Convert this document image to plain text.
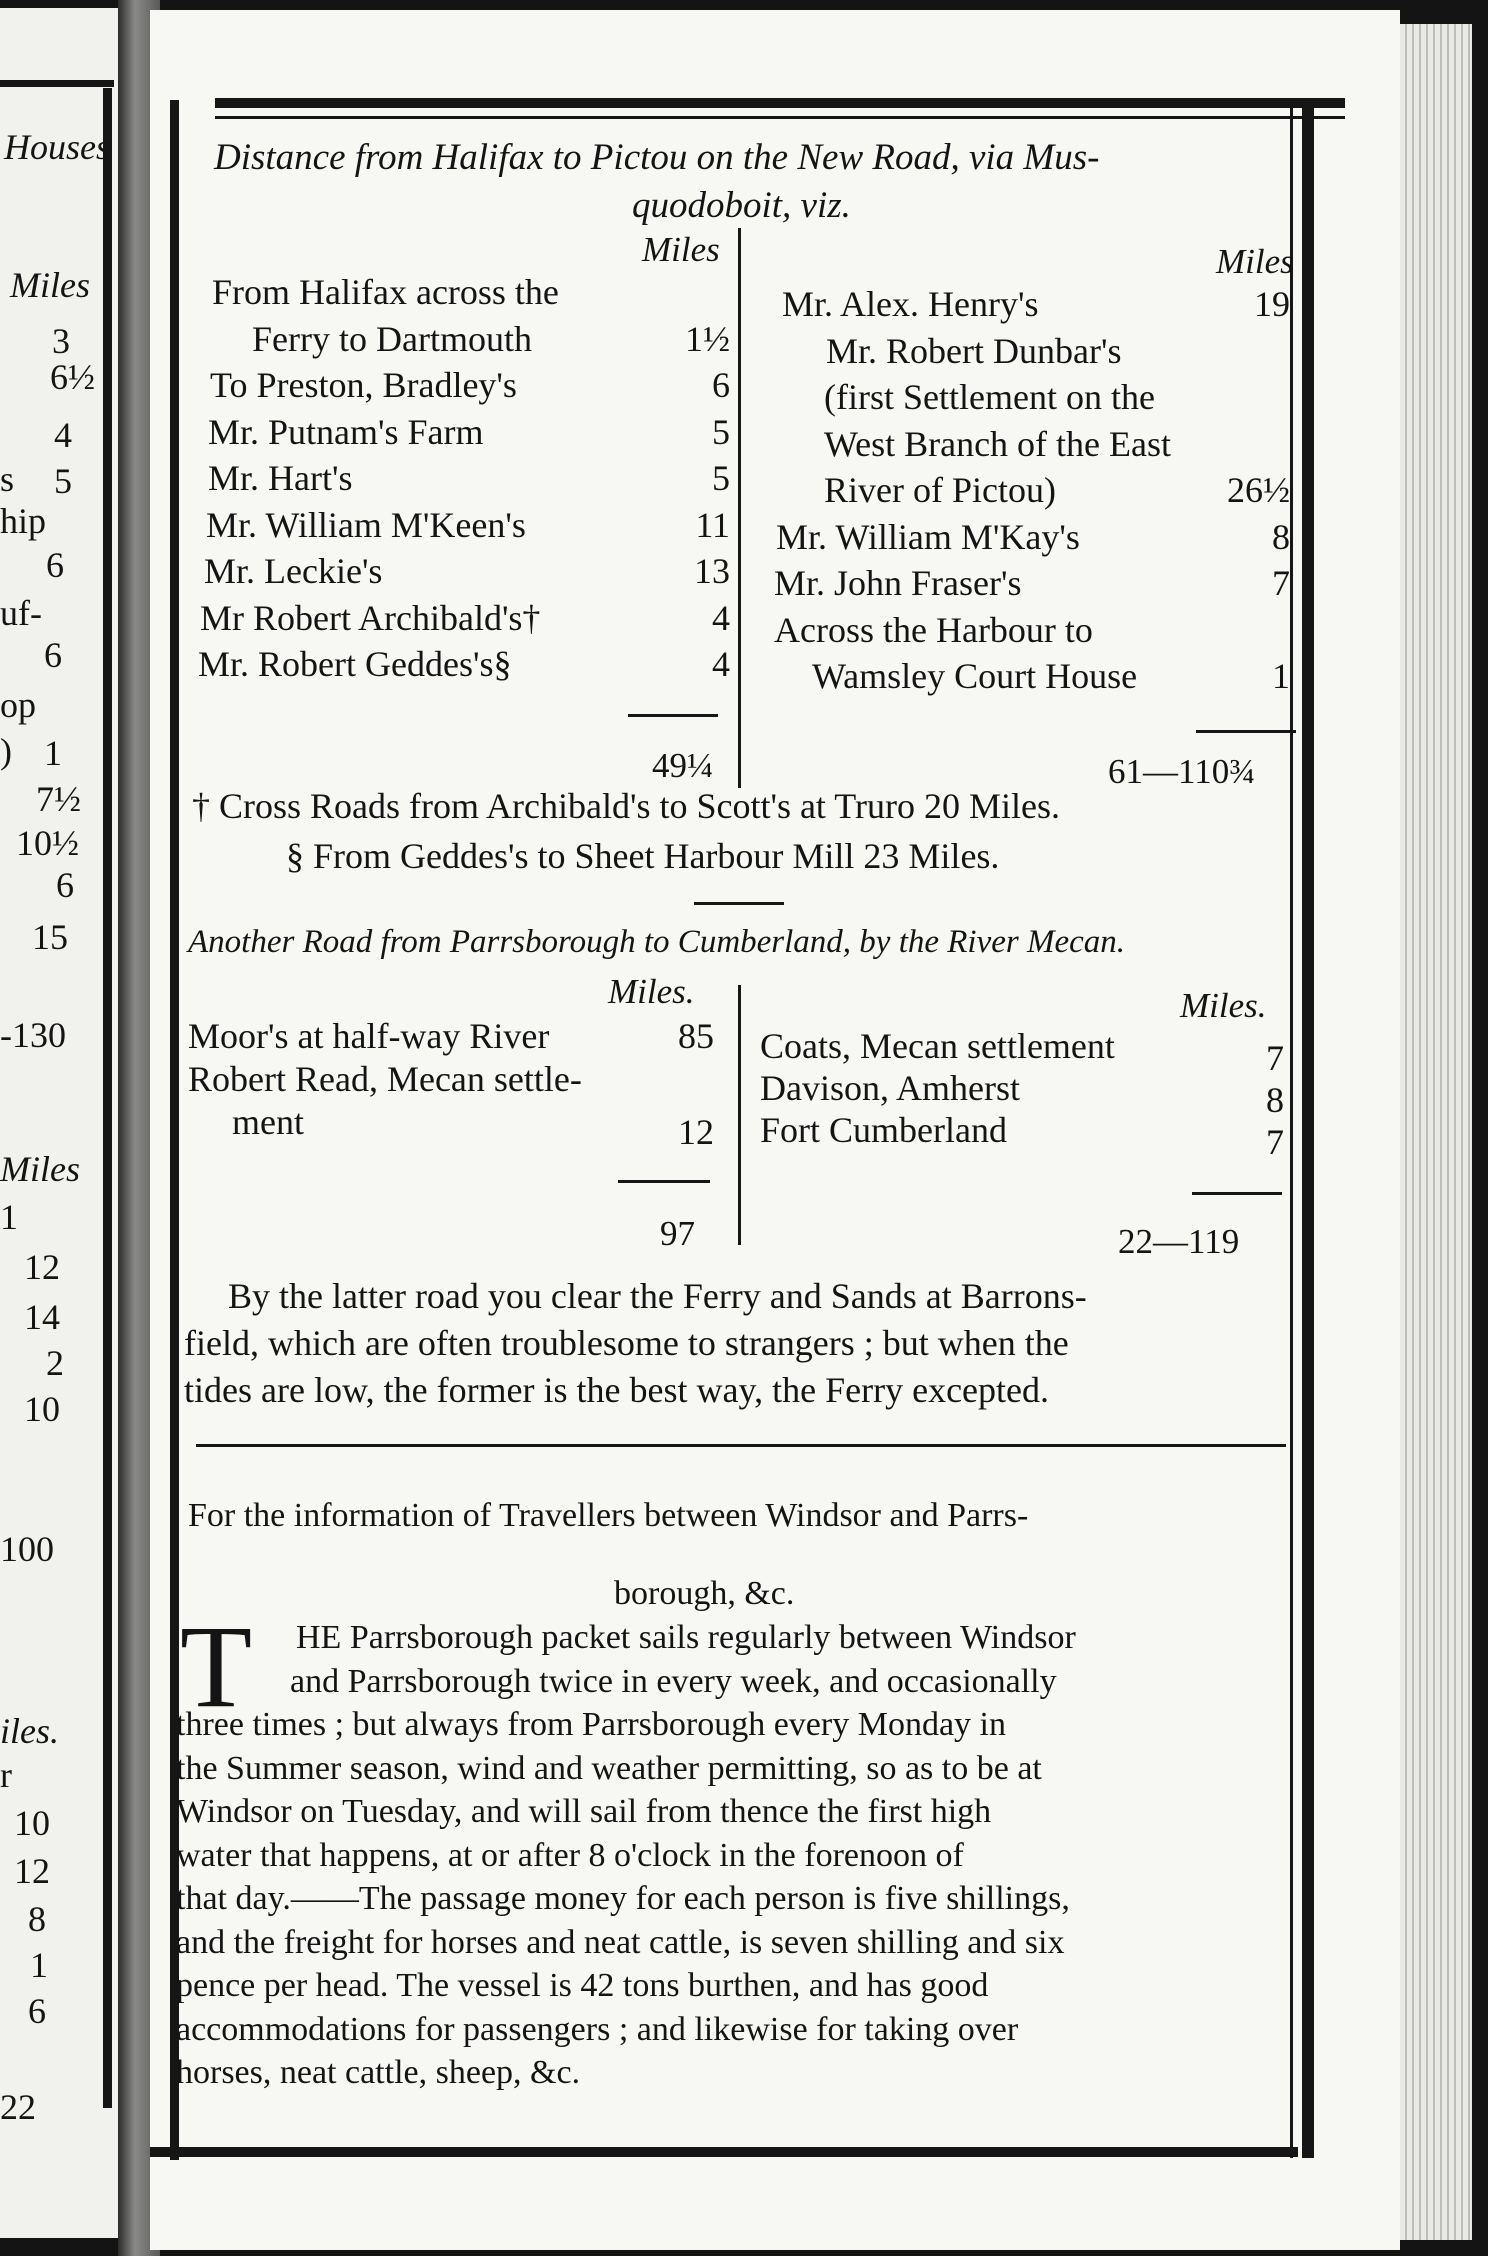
Houses
Miles
3
6½
4
s 5
hip
6
uf-
6
op
) 1
7½
10½
6
15
-130
Miles
1
12
14
2
10
100
iles.
r
10
12
8
1
6
22
Distance from Halifax to Pictou on the New Road, via Mus-
quodoboit, viz.
Miles	Miles
From Halifax across the
Ferry to Dartmouth	1½
To Preston, Bradley's	6
Mr. Putnam's Farm	5
Mr. Hart's	5
Mr. William M'Keen's	11
Mr. Leckie's	13
Mr Robert Archibald's†	4
Mr. Robert Geddes's§	4
Mr. Alex. Henry's	19
Mr. Robert Dunbar's
(first Settlement on the
West Branch of the East
River of Pictou)	26½
Mr. William M'Kay's	8
Mr. John Fraser's	7
Across the Harbour to
Wamsley Court House	1
49¼	61—110¾
† Cross Roads from Archibald's to Scott's at Truro 20 Miles.
§ From Geddes's to Sheet Harbour Mill 23 Miles.
Another Road from Parrsborough to Cumberland, by the River Mecan.
Miles.	Miles.
Moor's at half-way River	85
Robert Read, Mecan settle-
ment	12
Coats, Mecan settlement	7
Davison, Amherst	8
Fort Cumberland	7
97	22—119
By the latter road you clear the Ferry and Sands at Barrons-
field, which are often troublesome to strangers ; but when the
tides are low, the former is the best way, the Ferry excepted.
For the information of Travellers between Windsor and Parrs-
borough, &c.
T HE Parrsborough packet sails regularly between Windsor
and Parrsborough twice in every week, and occasionally
three times ; but always from Parrsborough every Monday in
the Summer season, wind and weather permitting, so as to be at
Windsor on Tuesday, and will sail from thence the first high
water that happens, at or after 8 o'clock in the forenoon of
that day.——The passage money for each person is five shillings,
and the freight for horses and neat cattle, is seven shilling and six
pence per head. The vessel is 42 tons burthen, and has good
accommodations for passengers ; and likewise for taking over
horses, neat cattle, sheep, &c.
